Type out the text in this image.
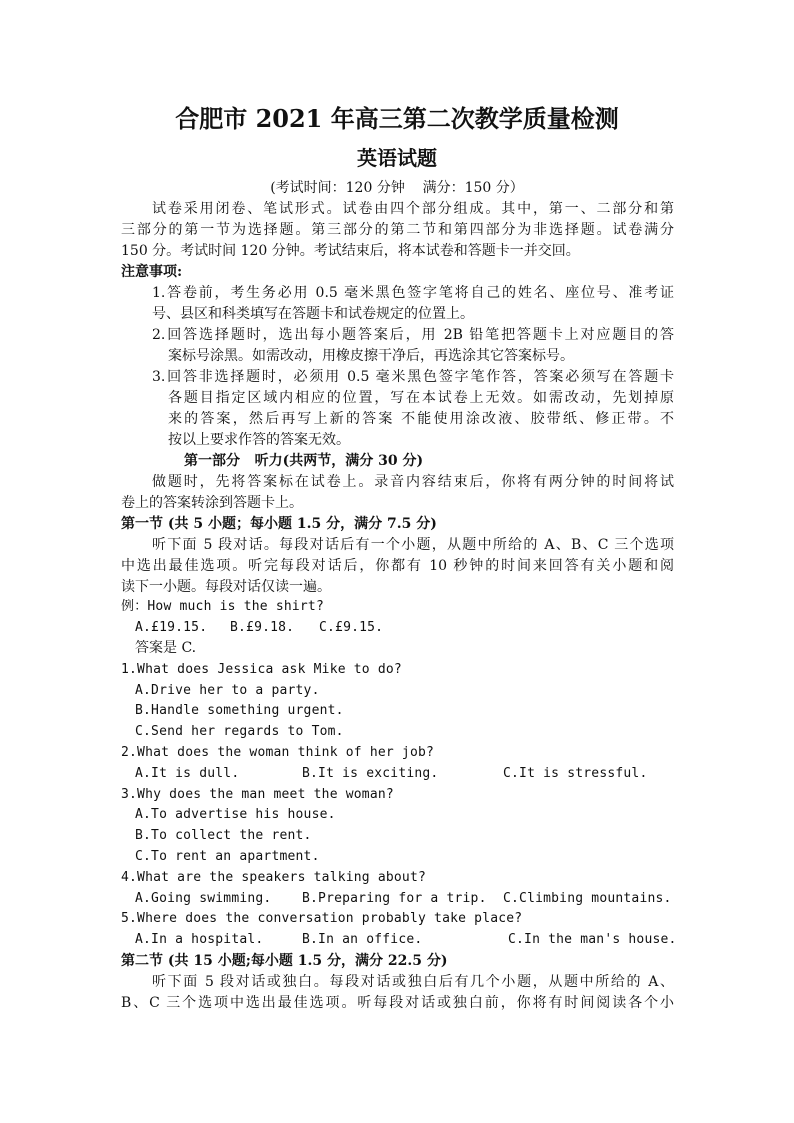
合肥市 2021 年高三第二次教学质量检测
英语试题
(考试时间：120 分钟    满分：150 分）
试卷采用闭卷、笔试形式。试卷由四个部分组成。其中，第一、二部分和第
三部分的第一节为选择题。第三部分的第二节和第四部分为非选择题。试卷满分
150 分。考试时间 120 分钟。考试结束后，将本试卷和答题卡一并交回。
注意事项:
1.答卷前，考生务必用 0.5 毫米黑色签字笔将自己的姓名、座位号、准考证
号、县区和科类填写在答题卡和试卷规定的位置上。
2.回答选择题时，选出每小题答案后，用 2B 铅笔把答题卡上对应题目的答
案标号涂黑。如需改动，用橡皮擦干净后，再选涂其它答案标号。
3.回答非选择题时，必须用 0.5 毫米黑色签字笔作答，答案必须写在答题卡
各题目指定区域内相应的位置，写在本试卷上无效。如需改动，先划掉原
来的答案，然后再写上新的答案 不能使用涂改液、胶带纸、修正带。不
按以上要求作答的答案无效。
第一部分   听力(共两节，满分 30 分)
做题时，先将答案标在试卷上。录音内容结束后，你将有两分钟的时间将试
卷上的答案转涂到答题卡上。
第一节 (共 5 小题；每小题 1.5 分，满分 7.5 分)
听下面 5 段对话。每段对话后有一个小题，从题中所给的 A、B、C 三个选项
中选出最佳选项。听完每段对话后，你都有 10 秒钟的时间来回答有关小题和阅
读下一小题。每段对话仅读一遍。
例：How much is the shirt?
A.£19.15. B.£9.18. C.£9.15.
答案是 C.
1.What does Jessica ask Mike to do?
A.Drive her to a party.
B.Handle something urgent.
C.Send her regards to Tom.
2.What does the woman think of her job?
A.It is dull.	B.It is exciting.	C.It is stressful.
3.Why does the man meet the woman?
A.To advertise his house.
B.To collect the rent.
C.To rent an apartment.
4.What are the speakers talking about?
A.Going swimming. B.Preparing for a trip. C.Climbing mountains.
5.Where does the conversation probably take place?
A.In a hospital.	B.In an office.	C.In the man's house.
第二节 (共 15 小题;每小题 1.5 分，满分 22.5 分)
听下面 5 段对话或独白。每段对话或独白后有几个小题，从题中所给的 A、
B、C 三个选项中选出最佳选项。听每段对话或独白前，你将有时间阅读各个小
